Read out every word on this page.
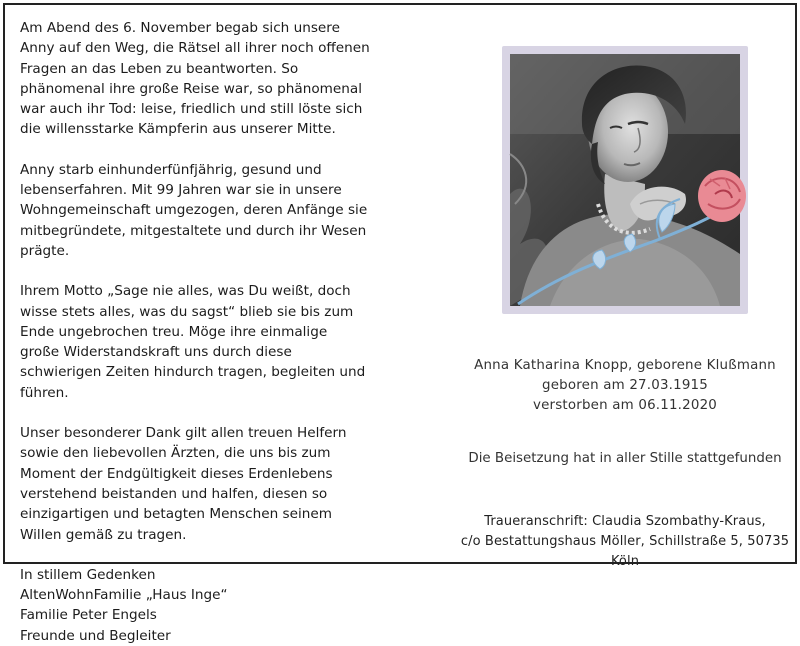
Am Abend des 6. November begab sich unsere Anny auf den Weg, die Rätsel all ihrer noch offenen Fragen an das Leben zu beantworten. So phänomenal ihre große Reise war, so phänomenal war auch ihr Tod: leise, friedlich und still löste sich die willensstarke Kämpferin aus unserer Mitte.

Anny starb einhunderfünfjährig, gesund und lebenserfahren. Mit 99 Jahren war sie in unsere Wohngemeinschaft umgezogen, deren Anfänge sie mitbegründete, mitgestaltete und durch ihr Wesen prägte.

Ihrem Motto „Sage nie alles, was Du weißt, doch wisse stets alles, was du sagst“ blieb sie bis zum Ende ungebrochen treu. Möge ihre einmalige große Widerstandskraft uns durch diese schwierigen Zeiten hindurch tragen, begleiten und führen.

Unser besonderer Dank gilt allen treuen Helfern sowie den liebevollen Ärzten, die uns bis zum Moment der Endgültigkeit dieses Erdenlebens verstehend beistanden und halfen, diesen so einzigartigen und betagten Menschen seinem Willen gemäß zu tragen.

In stillem Gedenken
AltenWohnFamilie „Haus Inge“
Familie Peter Engels
Freunde und Begleiter
Anna Katharina Knopp, geborene Klußmann
geboren am 27.03.1915
verstorben am 06.11.2020
Die Beisetzung hat in aller Stille stattgefunden
Traueranschrift: Claudia Szombathy-Kraus,
c/o Bestattungshaus Möller, Schillstraße 5, 50735 Köln
